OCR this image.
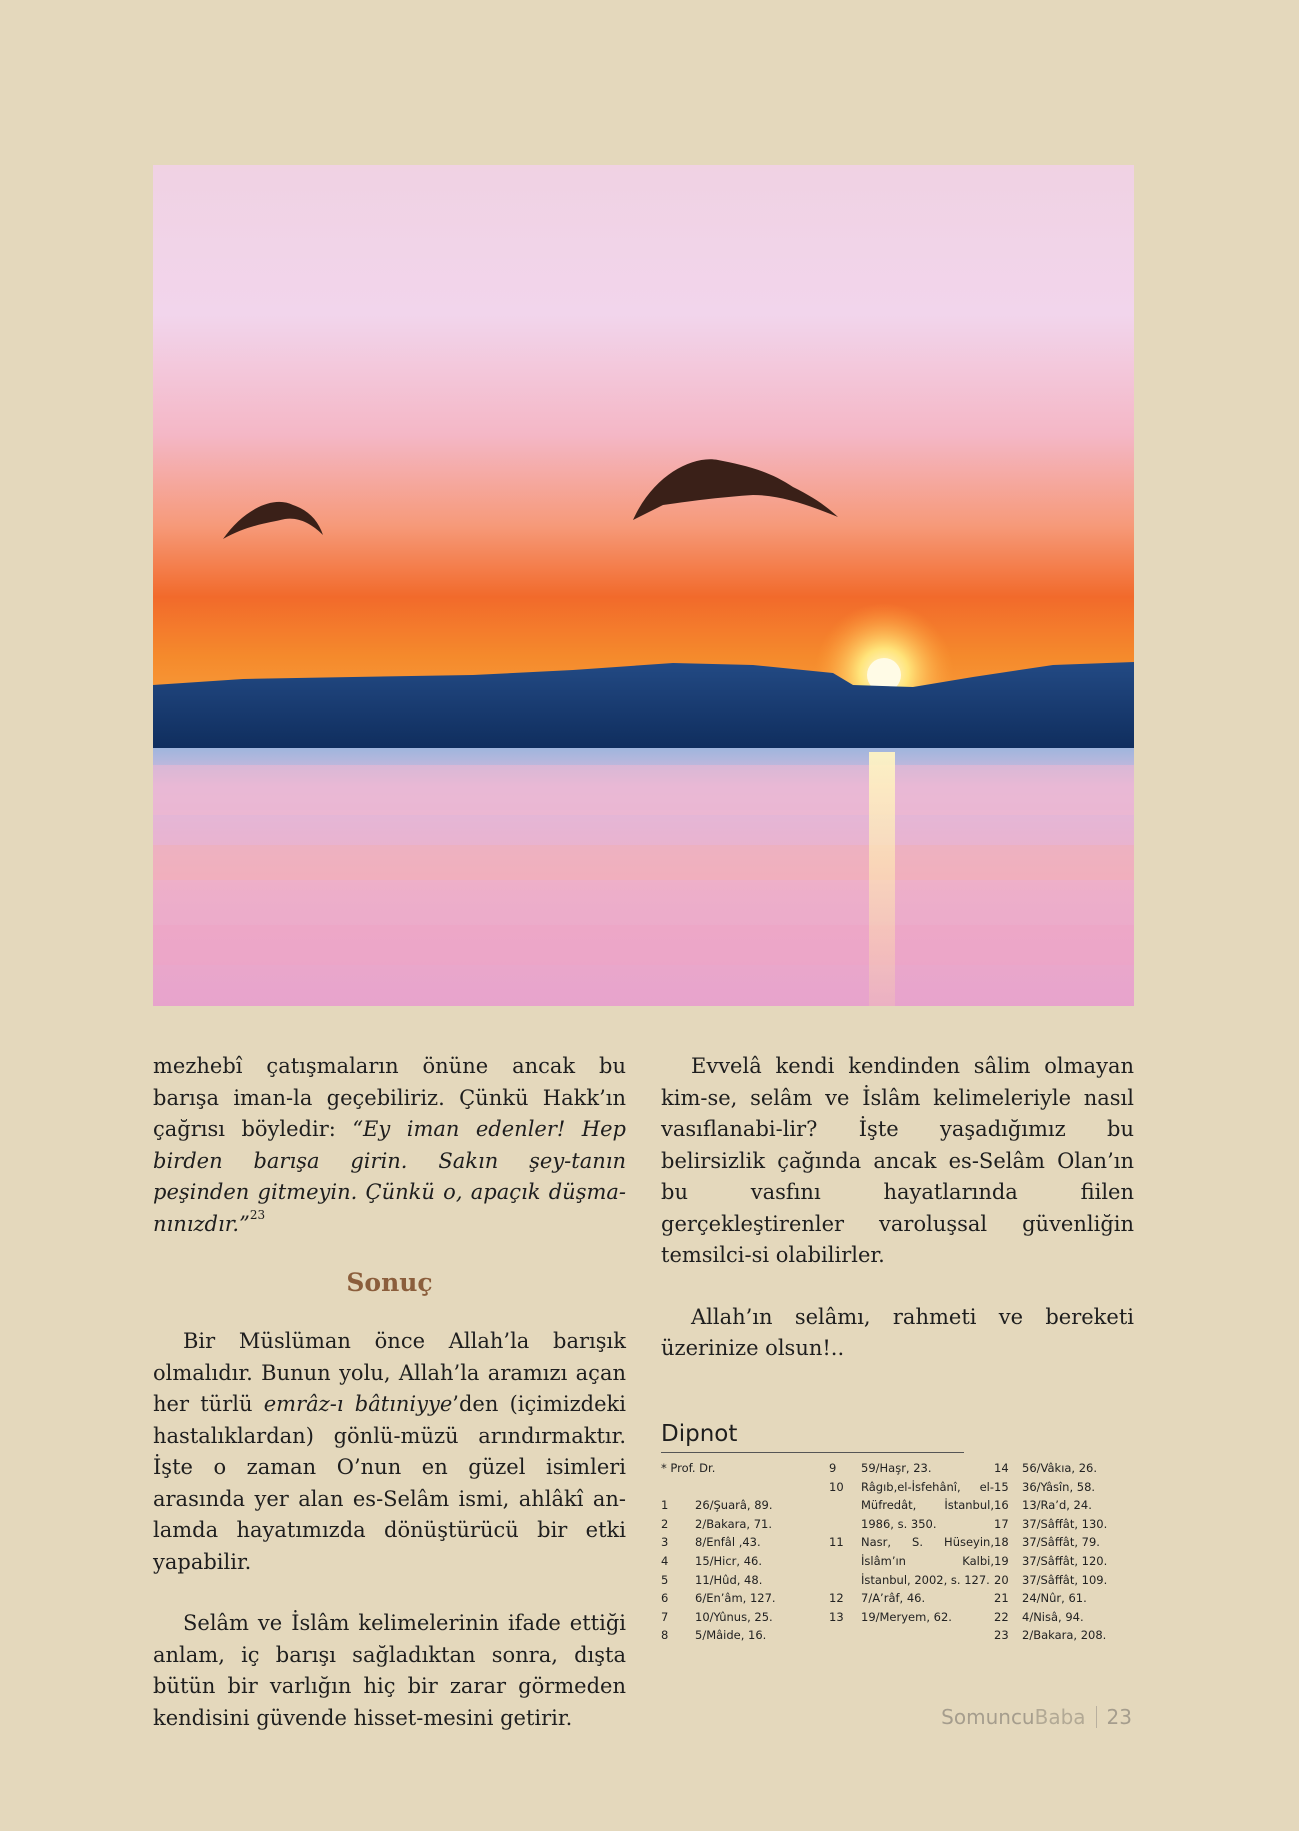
mezhebî çatışmaların önüne ancak bu barışa iman-la geçebiliriz. Çünkü Hakk’ın çağrısı böyledir: “Ey iman edenler! Hep birden barışa girin. Sakın şey-tanın peşinden gitmeyin. Çünkü o, apaçık düşma-nınızdır.”$^{23}$

Sonuç

Bir Müslüman önce Allah’la barışık olmalıdır. Bunun yolu, Allah’la aramızı açan her türlü emrâz-ı bâtıniyye’den (içimizdeki hastalıklardan) gönlü-müzü arındırmaktır. İşte o zaman O’nun en güzel isimleri arasında yer alan es-Selâm ismi, ahlâkî an-lamda hayatımızda dönüştürücü bir etki yapabilir.

Selâm ve İslâm kelimelerinin ifade ettiği anlam, iç barışı sağladıktan sonra, dışta bütün bir varlığın hiç bir zarar görmeden kendisini güvende hisset-mesini getirir.

Evvelâ kendi kendinden sâlim olmayan kim-se, selâm ve İslâm kelimeleriyle nasıl vasıflanabi-lir? İşte yaşadığımız bu belirsizlik çağında ancak es-Selâm Olan’ın bu vasfını hayatlarında fiilen gerçekleştirenler varoluşsal güvenliğin temsilci-si olabilirler.

Allah’ın selâmı, rahmeti ve bereketi üzerinize olsun!..

Dipnot
* Prof. Dr.
1	26/Şuarâ, 89.
2	2/Bakara, 71.
3	8/Enfâl ,43.
4	15/Hicr, 46.
5	11/Hûd, 48.
6	6/En’âm, 127.
7	10/Yûnus, 25.
8	5/Mâide, 16.
9	59/Haşr, 23.
10	Râgıb,el-İsfehânî, el-Müfredât, İstanbul, 1986, s. 350.
11	Nasr, S. Hüseyin, İslâm’ın Kalbi, İstanbul, 2002, s. 127.
12	7/A’râf, 46.
13	19/Meryem, 62.
14	56/Vâkıa, 26.
15	36/Yâsîn, 58.
16	13/Ra’d, 24.
17	37/Sâffât, 130.
18	37/Sâffât, 79.
19	37/Sâffât, 120.
20	37/Sâffât, 109.
21	24/Nûr, 61.
22	4/Nisâ, 94.
23	2/Bakara, 208.
SomuncuBaba 23
